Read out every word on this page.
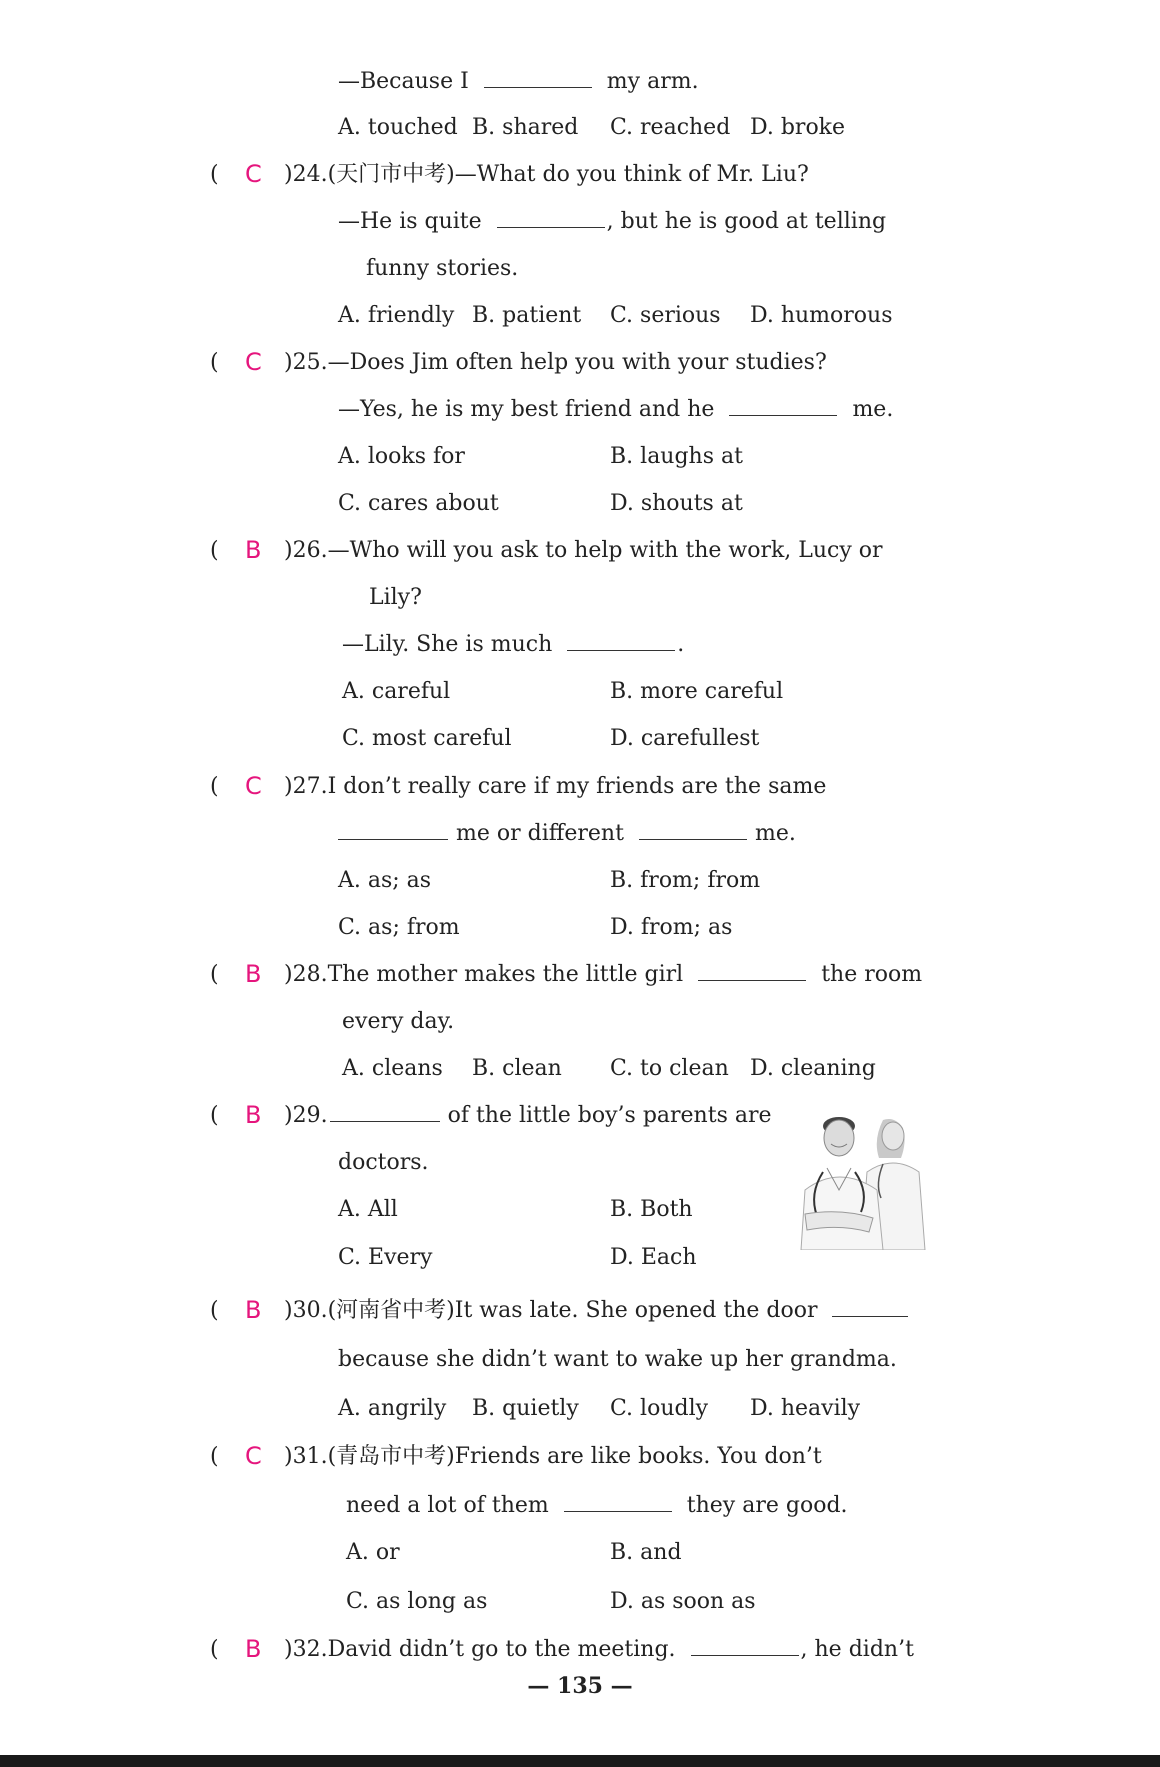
—Because I	my arm.
A. touched B. shared C. reached D. broke
( C )24.(天门市中考)—What do you think of Mr. Liu?
—He is quite	, but he is good at telling
funny stories.
A. friendly B. patient C. serious D. humorous
( C )25.—Does Jim often help you with your studies?
—Yes, he is my best friend and he	me.
A. looks for	B. laughs at
C. cares about	D. shouts at
( B )26.—Who will you ask to help with the work, Lucy or
Lily?
—Lily. She is much	.
A. careful	B. more careful
C. most careful	D. carefullest
( C )27.I don’t really care if my friends are the same
me or different	me.
A. as; as	B. from; from
C. as; from	D. from; as
( B )28.The mother makes the little girl	the room
every day.
A. cleans B. clean C. to clean D. cleaning
( B )29.	of the little boy’s parents are
doctors.
A. All	B. Both
C. Every	D. Each
( B )30.(河南省中考)It was late. She opened the door
because she didn’t want to wake up her grandma.
A. angrily B. quietly C. loudly D. heavily
( C )31.(青岛市中考)Friends are like books. You don’t
need a lot of them	they are good.
A. or	B. and
C. as long as	D. as soon as
( B )32.David didn’t go to the meeting.	, he didn’t
— 135 —
